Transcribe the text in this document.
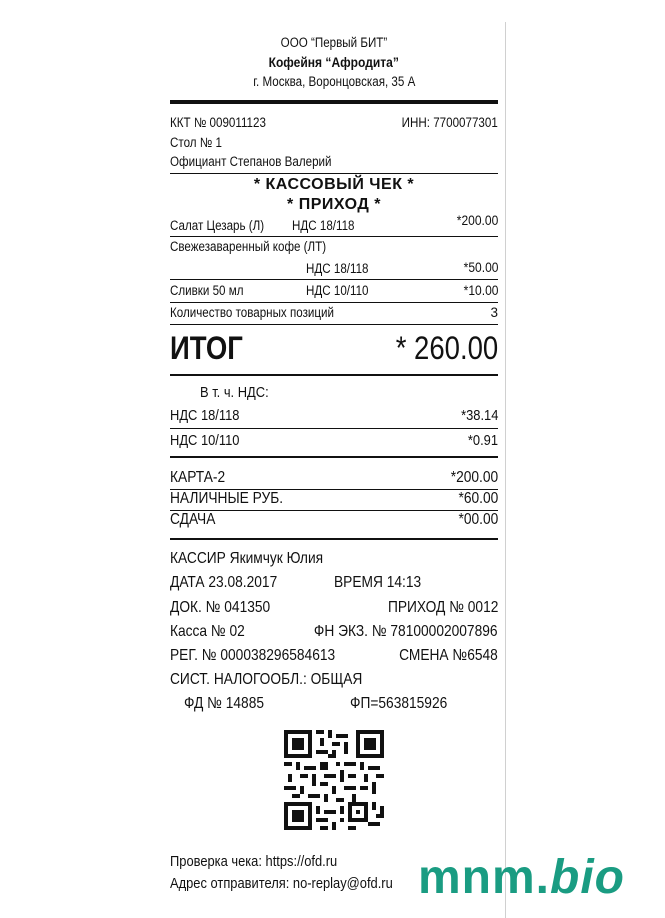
ООО “Первый БИТ”
Кофейня “Афродита”
г. Москва, Воронцовская, 35 А
ККТ № 009011123	ИНН: 7700077301
Стол № 1
Официант Степанов Валерий
* КАССОВЫЙ ЧЕК *
* ПРИХОД *
Салат Цезарь (Л)	НДС 18/118	*200.00
Свежезаваренный кофе (ЛТ)
НДС 18/118	*50.00
Сливки 50 мл	НДС 10/110	*10.00
Количество товарных позиций	3
ИТОГ	* 260.00
В т. ч. НДС:
НДС 18/118	*38.14
НДС 10/110	*0.91
КАРТА-2	*200.00
НАЛИЧНЫЕ РУБ.	*60.00
СДАЧА	*00.00
КАССИР Якимчук Юлия
ДАТА 23.08.2017	ВРЕМЯ 14:13
ДОК. № 041350	ПРИХОД № 0012
Касса № 02	ФН ЭКЗ. № 78100002007896
РЕГ. № 000038296584613	СМЕНА №6548
СИСТ. НАЛОГООБЛ.: ОБЩАЯ
ФД № 14885	ФП=563815926
Проверка чека: https://ofd.ru
Адрес отправителя: no-replay@ofd.ru mnm.bio
